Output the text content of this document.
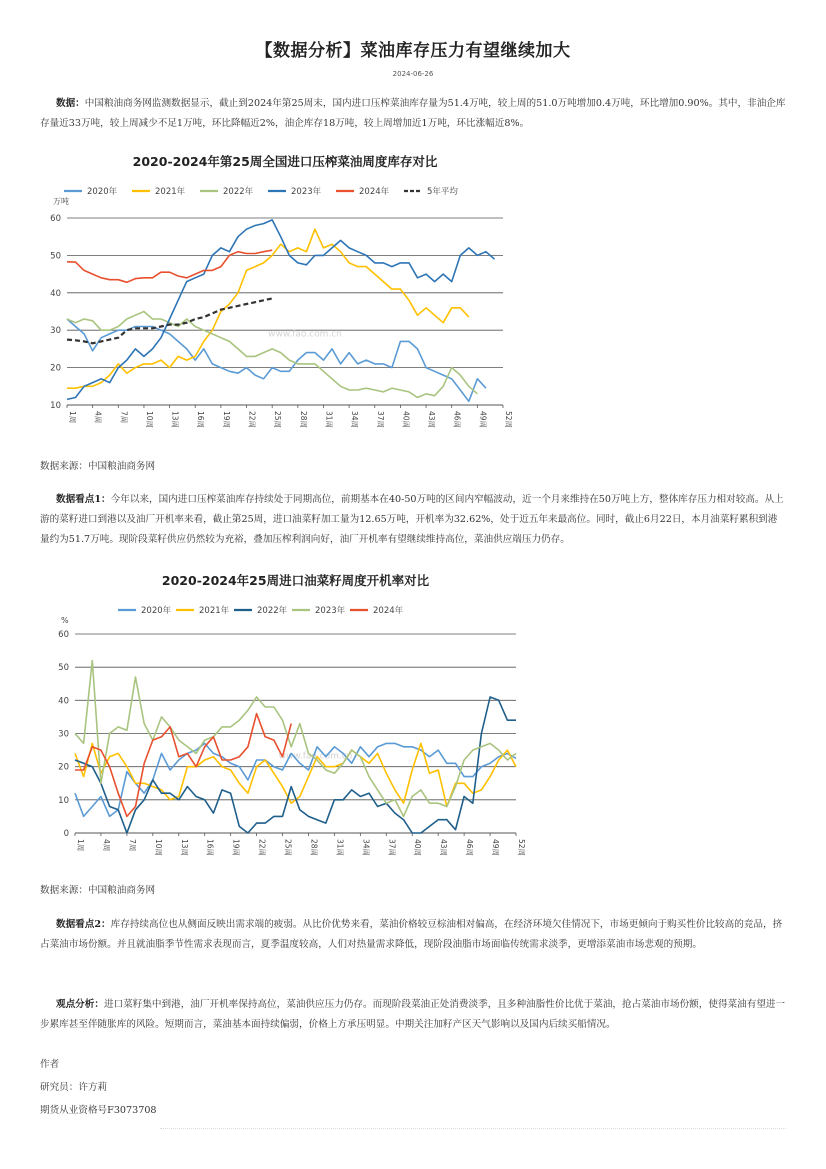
【数据分析】菜油库存压力有望继续加大
2024-06-26
数据：中国粮油商务网监测数据显示，截止到2024年第25周末，国内进口压榨菜油库存量为51.4万吨，较上周的51.0万吨增加0.4万吨，环比增加0.90%。其中，非油企库存量近33万吨，较上周减少不足1万吨，环比降幅近2%，油企库存18万吨，较上周增加近1万吨，环比涨幅近8%。
2020-2024年第25周全国进口压榨菜油周度库存对比
2020年	2021年	2022年	2023年	2024年	5年平均
万吨
10
20
30
40
50
60
1周 4周 7周 10周 13周 16周 19周 22周 25周 28周 31周 34周 37周 40周 43周 46周 49周 52周
www.fao.com.cn
数据来源：中国粮油商务网
数据看点1：今年以来，国内进口压榨菜油库存持续处于同期高位，前期基本在40-50万吨的区间内窄幅波动，近一个月来维持在50万吨上方，整体库存压力相对较高。从上游的菜籽进口到港以及油厂开机率来看，截止第25周，进口油菜籽加工量为12.65万吨，开机率为32.62%，处于近五年来最高位。同时，截止6月22日，本月油菜籽累积到港量约为51.7万吨。现阶段菜籽供应仍然较为充裕，叠加压榨利润向好，油厂开机率有望继续维持高位，菜油供应端压力仍存。
2020-2024年25周进口油菜籽周度开机率对比
2020年	2021年	2022年	2023年	2024年
%
0
10
20
30
40
50
60
1周 4周 7周 10周 13周 16周 19周 22周 25周 28周 31周 34周 37周 40周 43周 46周 49周 52周
www.fao.com.cn
数据来源：中国粮油商务网
数据看点2：库存持续高位也从侧面反映出需求端的疲弱。从比价优势来看，菜油价格较豆棕油相对偏高，在经济环境欠佳情况下，市场更倾向于购买性价比较高的竞品，挤占菜油市场份额。并且就油脂季节性需求表现而言，夏季温度较高，人们对热量需求降低，现阶段油脂市场面临传统需求淡季，更增添菜油市场悲观的预期。
观点分析：进口菜籽集中到港，油厂开机率保持高位，菜油供应压力仍存。而现阶段菜油正处消费淡季，且多种油脂性价比优于菜油，抢占菜油市场份额，使得菜油有望进一步累库甚至伴随胀库的风险。短期而言，菜油基本面持续偏弱，价格上方承压明显。中期关注加籽产区天气影响以及国内后续买船情况。
作者
研究员：许方莉
期货从业资格号F3073708
